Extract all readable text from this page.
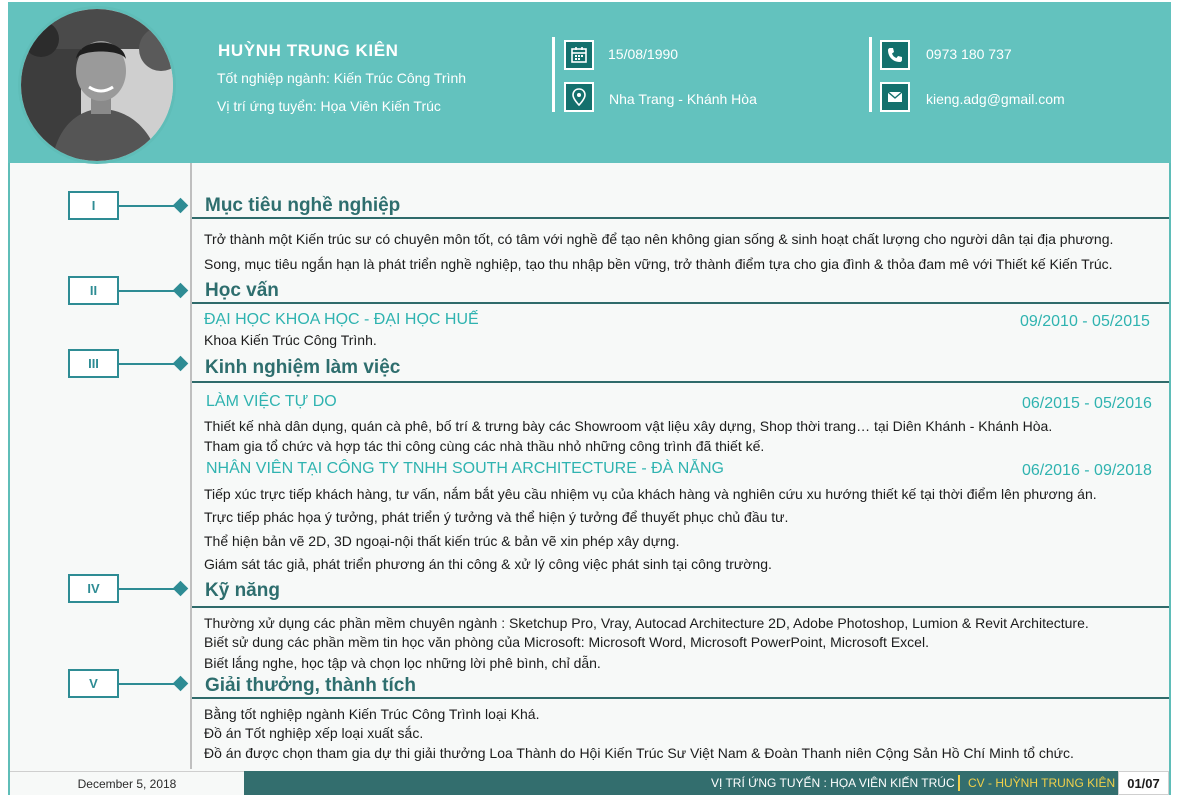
HUỲNH TRUNG KIÊN
Tốt nghiệp ngành: Kiến Trúc Công Trình
Vị trí ứng tuyển: Họa Viên Kiến Trúc
15/08/1990
Nha Trang - Khánh Hòa
0973 180 737
kieng.adg@gmail.com
I
II
III
IV
V
Mục tiêu nghề nghiệp
Trở thành một Kiến trúc sư có chuyên môn tốt, có tâm với nghề để tạo nên không gian sống & sinh hoạt chất lượng cho người dân tại địa phương.
Song, mục tiêu ngắn hạn là phát triển nghề nghiệp, tạo thu nhập bền vững, trở thành điểm tựa cho gia đình & thỏa đam mê với Thiết kế Kiến Trúc.
Học vấn
ĐẠI HỌC KHOA HỌC - ĐẠI HỌC HUẾ	09/2010 - 05/2015
Khoa Kiến Trúc Công Trình.
Kinh nghiệm làm việc
LÀM VIỆC TỰ DO	06/2015 - 05/2016
Thiết kế nhà dân dụng, quán cà phê, bố trí & trưng bày các Showroom vật liệu xây dựng, Shop thời trang… tại Diên Khánh - Khánh Hòa.
Tham gia tổ chức và hợp tác thi công cùng các nhà thầu nhỏ những công trình đã thiết kế.
NHÂN VIÊN TẠI CÔNG TY TNHH SOUTH ARCHITECTURE - ĐÀ NẴNG	06/2016 - 09/2018
Tiếp xúc trực tiếp khách hàng, tư vấn, nắm bắt yêu cầu nhiệm vụ của khách hàng và nghiên cứu xu hướng thiết kế tại thời điểm lên phương án.
Trực tiếp phác họa ý tưởng, phát triển ý tưởng và thể hiện ý tưởng để thuyết phục chủ đầu tư.
Thể hiện bản vẽ 2D, 3D ngoại-nội thất kiến trúc & bản vẽ xin phép xây dựng.
Giám sát tác giả, phát triển phương án thi công & xử lý công việc phát sinh tại công trường.
Kỹ năng
Thường xử dụng các phần mềm chuyên ngành : Sketchup Pro, Vray, Autocad Architecture 2D, Adobe Photoshop, Lumion & Revit Architecture.
Biết sử dung các phần mềm tin học văn phòng của Microsoft: Microsoft Word, Microsoft PowerPoint, Microsoft Excel.
Biết lắng nghe, học tập và chọn lọc những lời phê bình, chỉ dẫn.
Giải thưởng, thành tích
Bằng tốt nghiệp ngành Kiến Trúc Công Trình loại Khá.
Đồ án Tốt nghiệp xếp loại xuất sắc.
Đồ án được chọn tham gia dự thi giải thưởng Loa Thành do Hội Kiến Trúc Sư Việt Nam & Đoàn Thanh niên Cộng Sản Hồ Chí Minh tổ chức.
December 5, 2018	VỊ TRÍ ỨNG TUYỂN : HỌA VIÊN KIẾN TRÚC CV - HUỲNH TRUNG KIÊN 01/07
